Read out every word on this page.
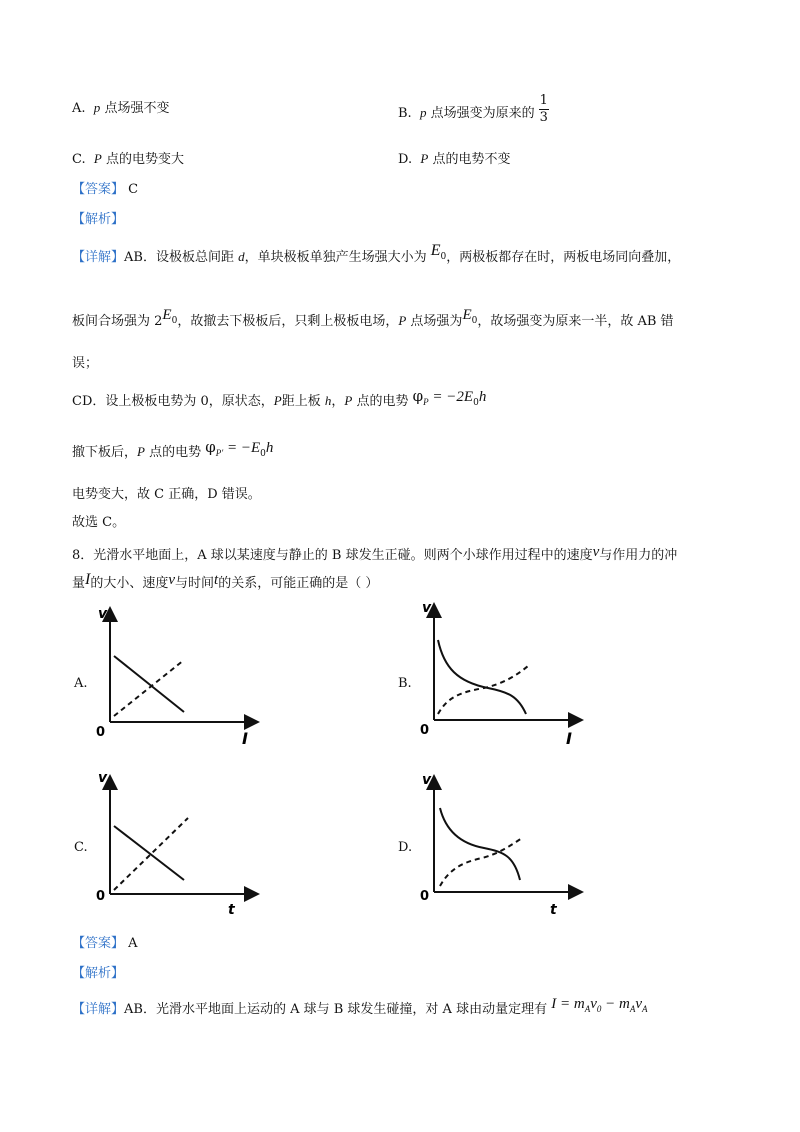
A. p 点场强不变	B. p 点场强变为原来的 $\frac{1}{3}$
C. P 点的电势变大	D. P 点的电势不变
【答案】 C
【解析】
【详解】AB．设极板总间距 d，单块极板单独产生场强大小为 $E_0$，两极板都存在时，两板电场同向叠加，
板间合场强为 $2E_0$，故撤去下极板后，只剩上极板电场，P 点场强为$E_0$，故场强变为原来一半，故 AB 错
误；
CD．设上极板电势为 0，原状态，P距上板 h，P 点的电势 $\varphi_P = -2E_0h$
撤下板后，P 点的电势 $\varphi_{P'} = -E_0h$
电势变大，故 C 正确，D 错误。
故选 C。
8．光滑水平地面上，A 球以某速度与静止的 B 球发生正碰。则两个小球作用过程中的速度v与作用力的冲
量I的大小、速度v与时间t的关系，可能正确的是（ ）
A.	B.
C.	D.
v
0	I
v
0	I
v
0
t
v
0
t
【答案】 A
【解析】
【详解】AB．光滑水平地面上运动的 A 球与 B 球发生碰撞，对 A 球由动量定理有 $I = m_Av_0 - m_Av_A$
